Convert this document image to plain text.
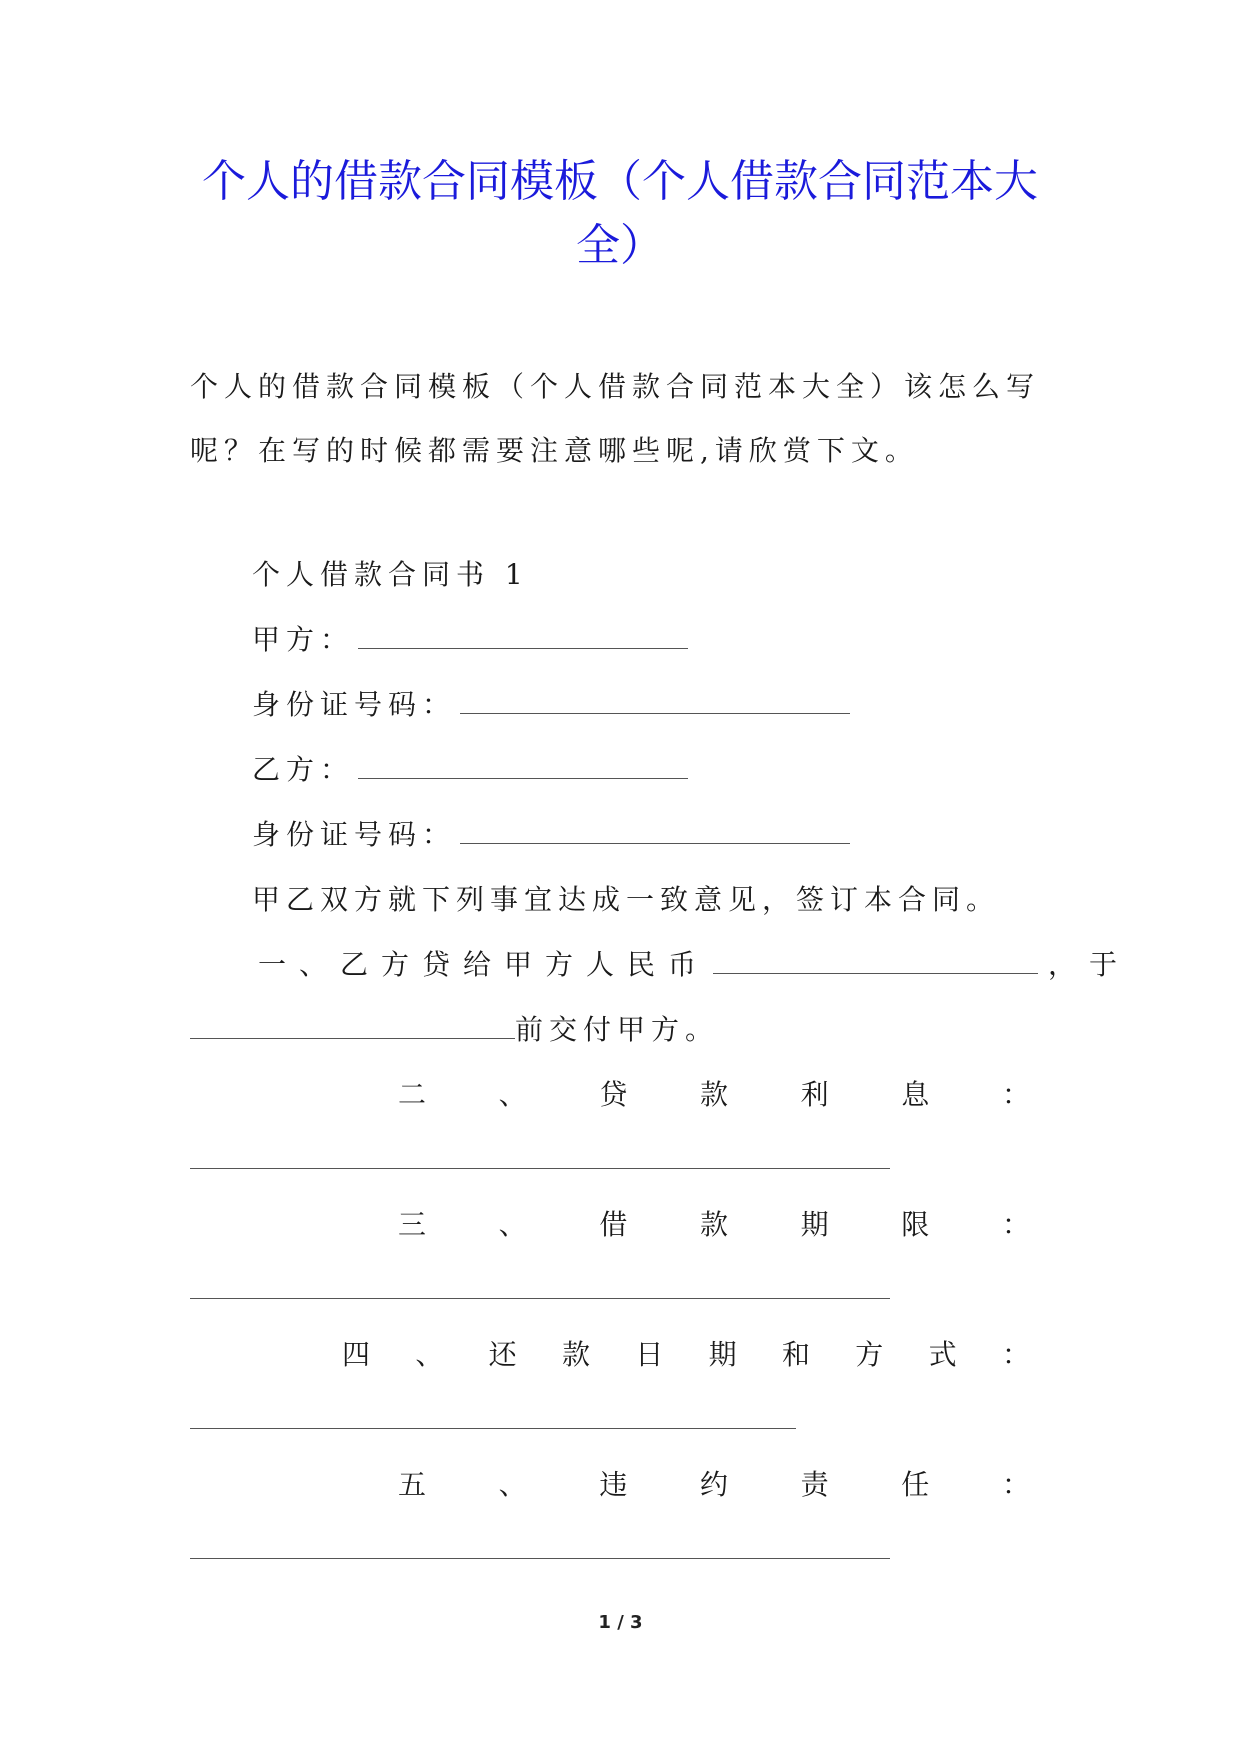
个人的借款合同模板（个人借款合同范本大全）

个人的借款合同模板（个人借款合同范本大全）该怎么写呢？在写的时候都需要注意哪些呢,请欣赏下文。

个人借款合同书 1
甲方：
身份证号码：
乙方：
身份证号码：
甲乙双方就下列事宜达成一致意见，签订本合同。
一、乙方贷给甲方人民币	，于
前交付甲方。
二	、	贷	款	利	息	：
三	、	借	款	期	限	：
四 、 还 款 日 期 和 方 式 ：
五	、	违	约	责	任	：
1 / 3
